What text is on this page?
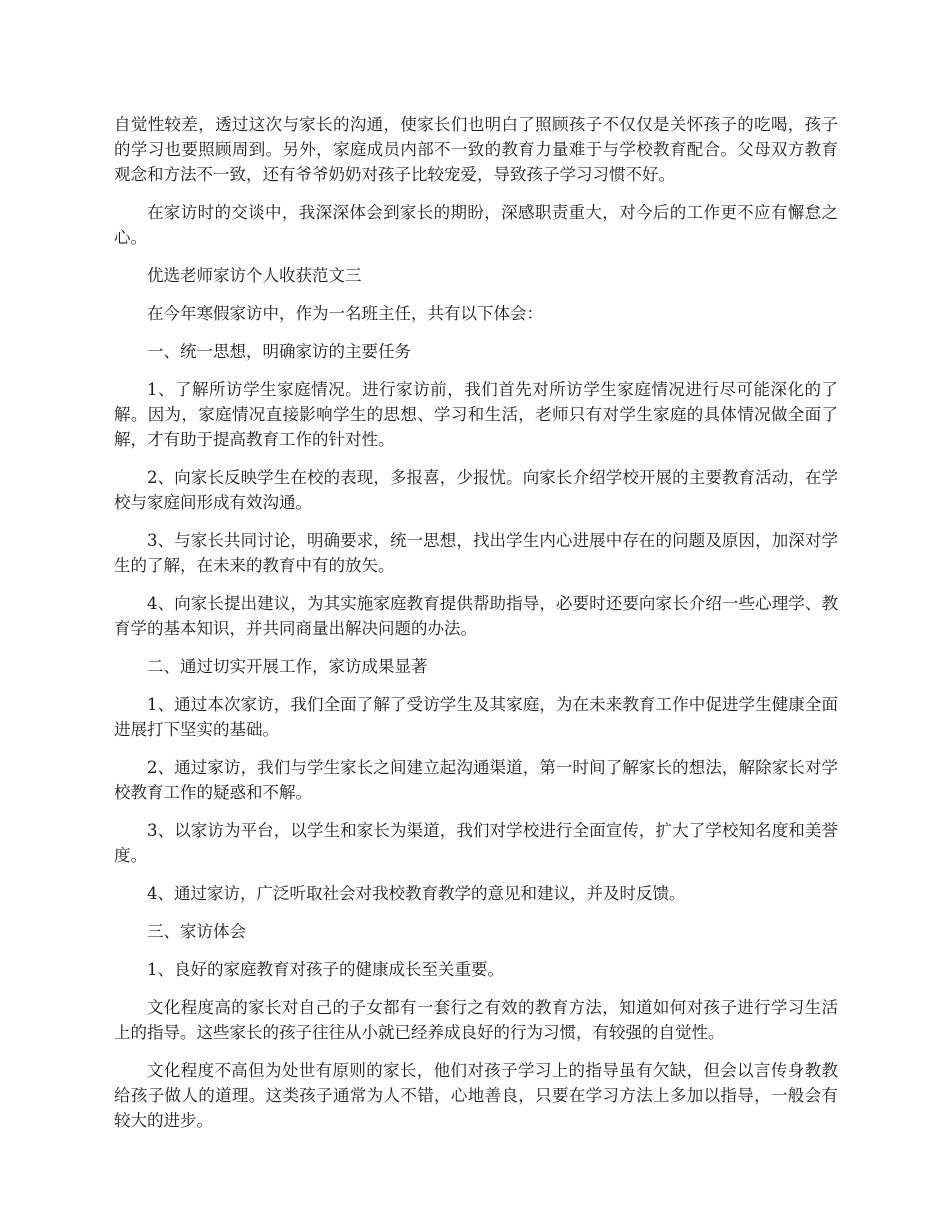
自觉性较差，透过这次与家长的沟通，使家长们也明白了照顾孩子不仅仅是关怀孩子的吃喝，孩子的学习也要照顾周到。另外，家庭成员内部不一致的教育力量难于与学校教育配合。父母双方教育观念和方法不一致，还有爷爷奶奶对孩子比较宠爱，导致孩子学习习惯不好。

在家访时的交谈中，我深深体会到家长的期盼，深感职责重大，对今后的工作更不应有懈怠之心。

优选老师家访个人收获范文三

在今年寒假家访中，作为一名班主任，共有以下体会：

一、统一思想，明确家访的主要任务

1、了解所访学生家庭情况。进行家访前，我们首先对所访学生家庭情况进行尽可能深化的了解。因为，家庭情况直接影响学生的思想、学习和生活，老师只有对学生家庭的具体情况做全面了解，才有助于提高教育工作的针对性。

2、向家长反映学生在校的表现，多报喜，少报忧。向家长介绍学校开展的主要教育活动，在学校与家庭间形成有效沟通。

3、与家长共同讨论，明确要求，统一思想，找出学生内心进展中存在的问题及原因，加深对学生的了解，在未来的教育中有的放矢。

4、向家长提出建议，为其实施家庭教育提供帮助指导，必要时还要向家长介绍一些心理学、教育学的基本知识，并共同商量出解决问题的办法。

二、通过切实开展工作，家访成果显著

1、通过本次家访，我们全面了解了受访学生及其家庭，为在未来教育工作中促进学生健康全面进展打下坚实的基础。

2、通过家访，我们与学生家长之间建立起沟通渠道，第一时间了解家长的想法，解除家长对学校教育工作的疑惑和不解。

3、以家访为平台，以学生和家长为渠道，我们对学校进行全面宣传，扩大了学校知名度和美誉度。

4、通过家访，广泛听取社会对我校教育教学的意见和建议，并及时反馈。

三、家访体会

1、良好的家庭教育对孩子的健康成长至关重要。

文化程度高的家长对自己的子女都有一套行之有效的教育方法，知道如何对孩子进行学习生活上的指导。这些家长的孩子往往从小就已经养成良好的行为习惯，有较强的自觉性。

文化程度不高但为处世有原则的家长，他们对孩子学习上的指导虽有欠缺，但会以言传身教教给孩子做人的道理。这类孩子通常为人不错，心地善良，只要在学习方法上多加以指导，一般会有较大的进步。
